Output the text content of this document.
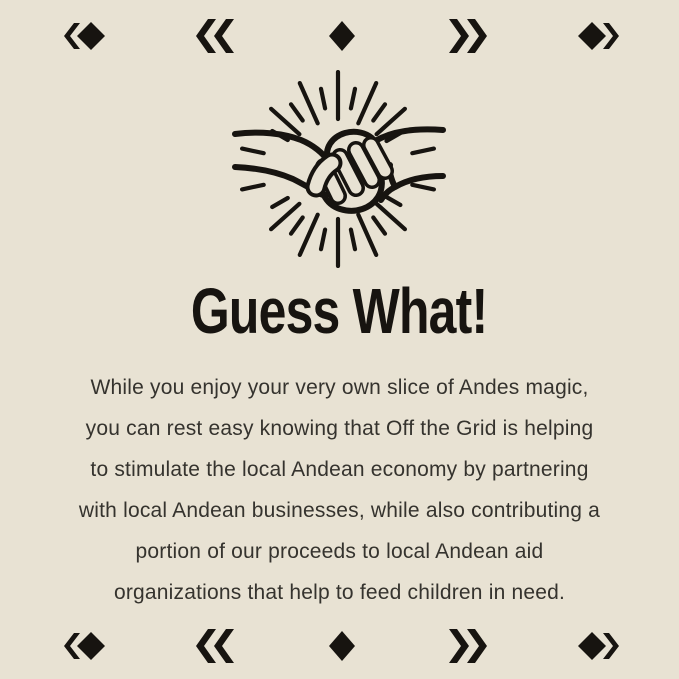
Guess What!
While you enjoy your very own slice of Andes magic,
you can rest easy knowing that Off the Grid is helping
to stimulate the local Andean economy by partnering
with local Andean businesses, while also contributing a
portion of our proceeds to local Andean aid
organizations that help to feed children in need.
